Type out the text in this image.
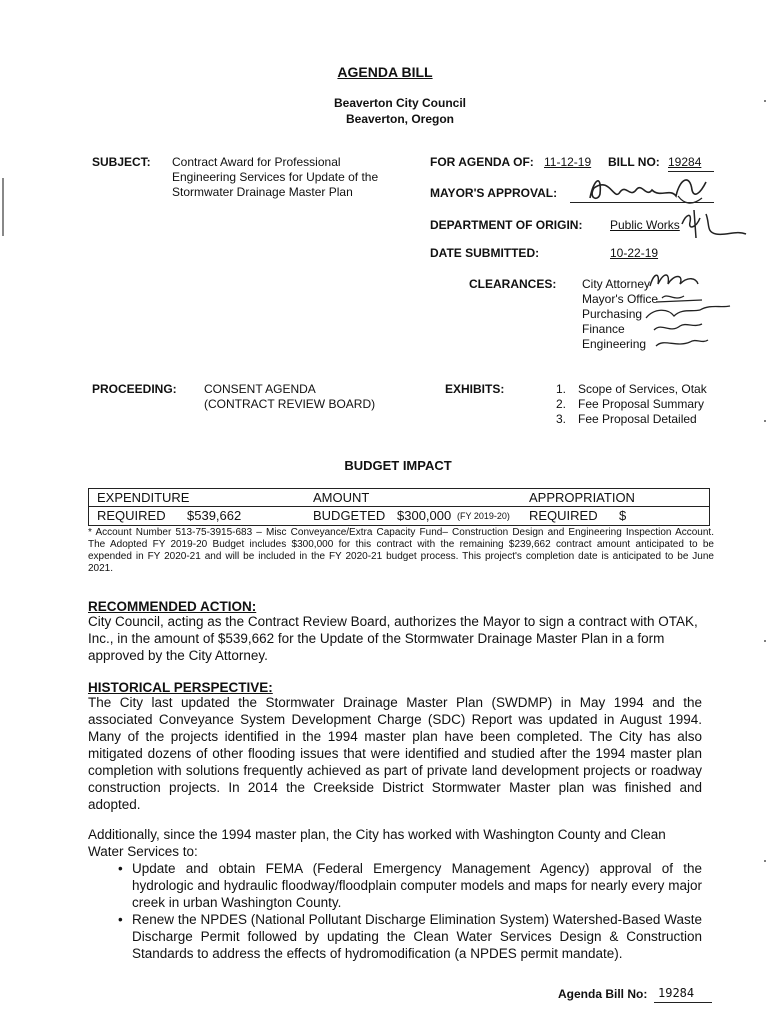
AGENDA BILL
Beaverton City Council
Beaverton, Oregon
SUBJECT: Contract Award for Professional Engineering Services for Update of the Stormwater Drainage Master Plan
FOR AGENDA OF: 11-12-19 BILL NO: 19284
MAYOR'S APPROVAL:
DEPARTMENT OF ORIGIN: Public Works
DATE SUBMITTED:	10-22-19
CLEARANCES: City Attorney
Mayor's Office
Purchasing
Finance
Engineering
PROCEEDING: CONSENT AGENDA
(CONTRACT REVIEW BOARD)
EXHIBITS:	1. Scope of Services, Otak
2. Fee Proposal Summary
3. Fee Proposal Detailed
BUDGET IMPACT
EXPENDITURE
REQUIRED $539,662
AMOUNT
BUDGETED $300,000 (FY 2019-20)
APPROPRIATION
REQUIRED $
* Account Number 513-75-3915-683 – Misc Conveyance/Extra Capacity Fund– Construction Design and Engineering Inspection Account. The Adopted FY 2019-20 Budget includes $300,000 for this contract with the remaining $239,662 contract amount anticipated to be expended in FY 2020-21 and will be included in the FY 2020-21 budget process. This project's completion date is anticipated to be June 2021.
RECOMMENDED ACTION:
City Council, acting as the Contract Review Board, authorizes the Mayor to sign a contract with OTAK, Inc., in the amount of $539,662 for the Update of the Stormwater Drainage Master Plan in a form approved by the City Attorney.
HISTORICAL PERSPECTIVE:
The City last updated the Stormwater Drainage Master Plan (SWDMP) in May 1994 and the associated Conveyance System Development Charge (SDC) Report was updated in August 1994. Many of the projects identified in the 1994 master plan have been completed. The City has also mitigated dozens of other flooding issues that were identified and studied after the 1994 master plan completion with solutions frequently achieved as part of private land development projects or roadway construction projects. In 2014 the Creekside District Stormwater Master plan was finished and adopted.
Additionally, since the 1994 master plan, the City has worked with Washington County and Clean Water Services to:
• Update and obtain FEMA (Federal Emergency Management Agency) approval of the hydrologic and hydraulic floodway/floodplain computer models and maps for nearly every major creek in urban Washington County.
• Renew the NPDES (National Pollutant Discharge Elimination System) Watershed-Based Waste Discharge Permit followed by updating the Clean Water Services Design & Construction Standards to address the effects of hydromodification (a NPDES permit mandate).
Agenda Bill No: 19284
